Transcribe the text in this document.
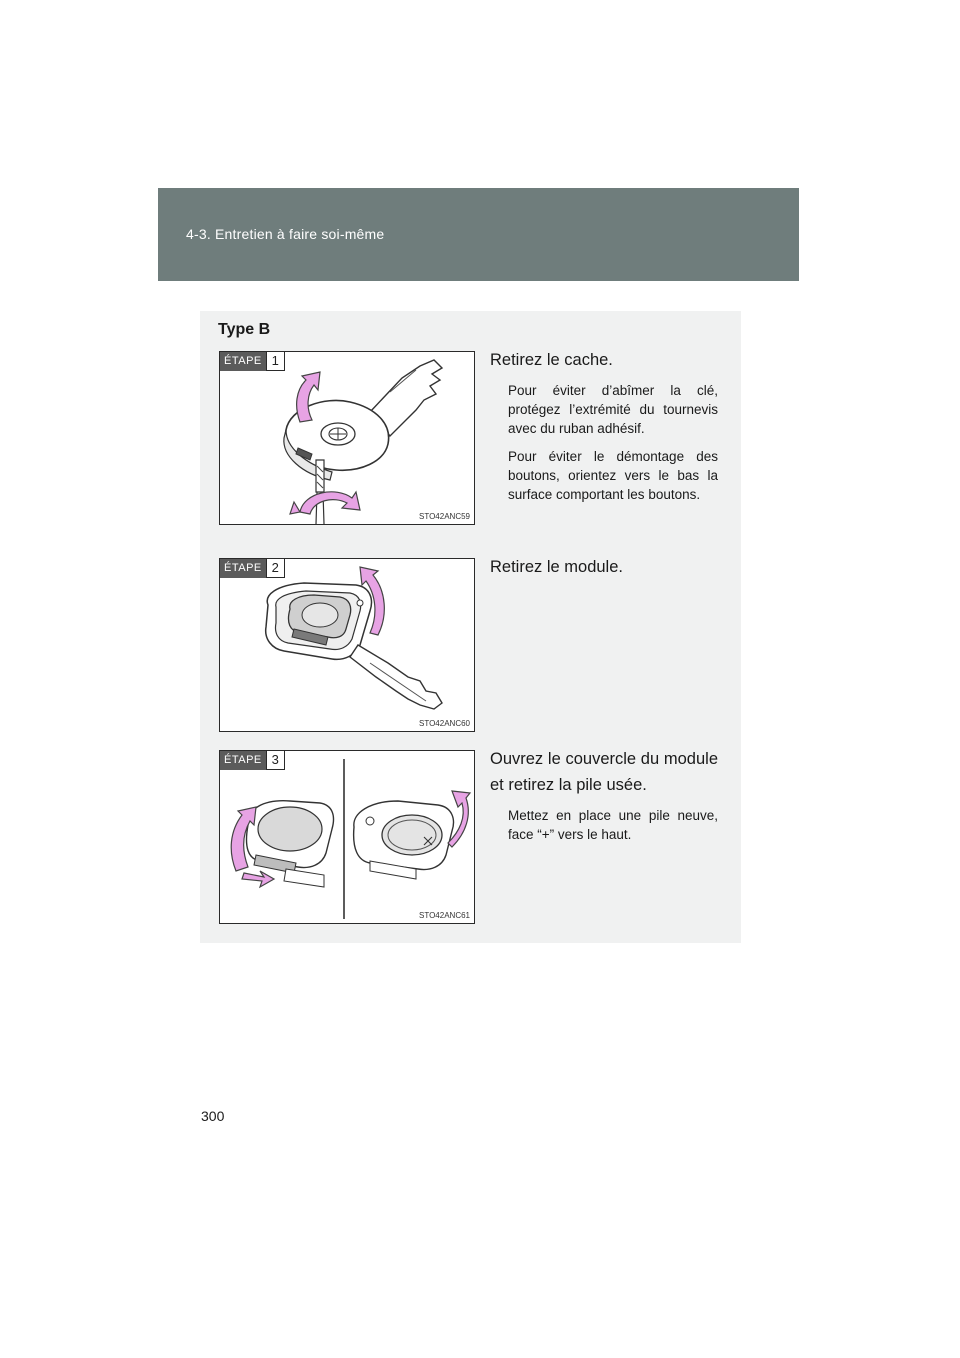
4-3. Entretien à faire soi-même
Type B
ÉTAPE 1
STO42ANC59

Retirez le cache.

Pour éviter d’abîmer la clé, protégez l’extrémité du tournevis avec du ruban adhésif.

Pour éviter le démontage des boutons, orientez vers le bas la surface comportant les boutons.

ÉTAPE 2
STO42ANC60

Retirez le module.

ÉTAPE 3
STO42ANC61

Ouvrez le couvercle du module et retirez la pile usée.

Mettez en place une pile neuve, face “+” vers le haut.

300
